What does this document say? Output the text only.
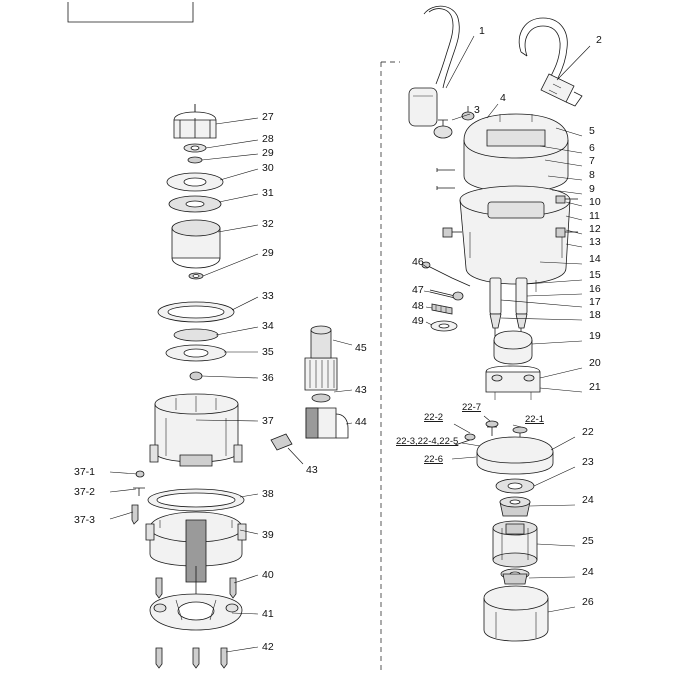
1
2
3
4
5
6
7
8
9
10
11
12
13
14
15
16
17
18
19
20
21
22
23
24
25
24
26
27
28
29
30
31
32
29
33
34
35
36
37
37-1
37-2
37-3
38
39
40
41
42
43
44
43
45
46
47
48
49
22-1
22-2
22-7
22-3,22-4,22-5
22-6
